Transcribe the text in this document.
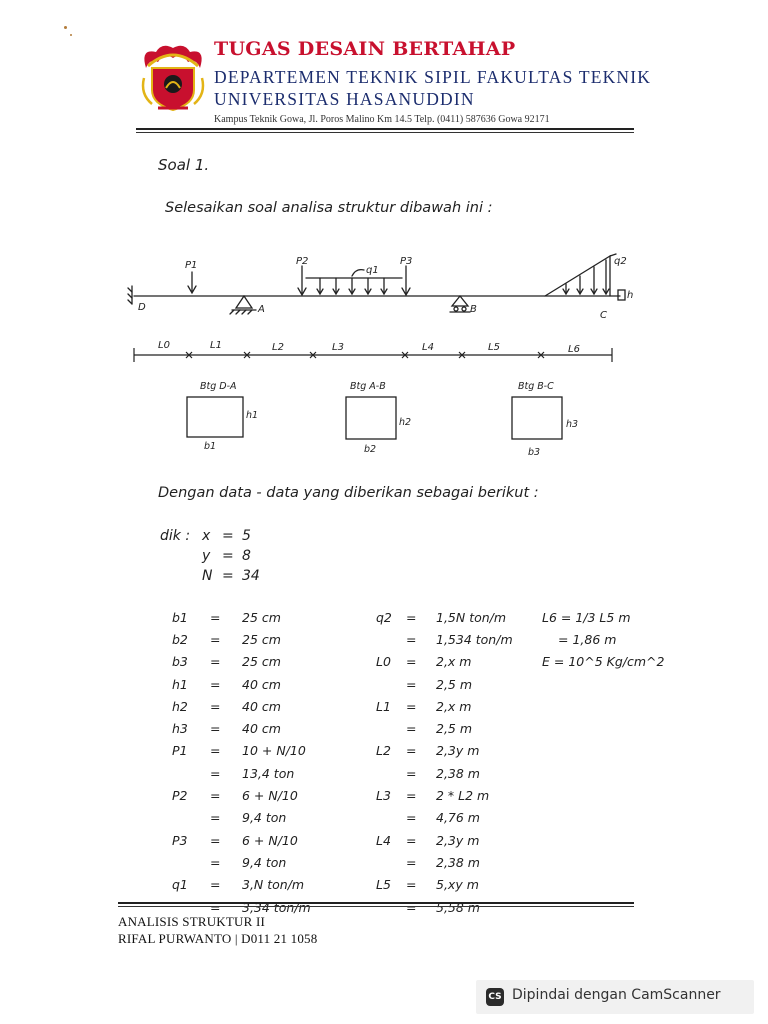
TUGAS DESAIN BERTAHAP
DEPARTEMEN TEKNIK SIPIL FAKULTAS TEKNIK
UNIVERSITAS HASANUDDIN
Kampus Teknik Gowa, Jl. Poros Malino Km 14.5 Telp. (0411) 587636 Gowa 92171
Soal 1.
Selesaikan soal analisa struktur dibawah ini :
P1	P2	P3
q1
q2
D	A	B
C
h
L0	L1	L2	L3	L4	L5	L6
Btg D-A	Btg A-B	Btg B-C
h1
h2	h3
b1	b2	b3
Dengan data - data yang diberikan sebagai berikut :
dik : x = 5
y = 8
N = 34
b1	=	25 cm
b2	=	25 cm
b3	=	25 cm
h1	=	40 cm
h2	=	40 cm
h3	=	40 cm
P1	=	10 + N/10
	=	13,4 ton
P2	=	6 + N/10
	=	9,4 ton
P3	=	6 + N/10
	=	9,4 ton
q1	=	3,N ton/m
	=	3,34 ton/m
q2	=	1,5N ton/m
	=	1,534 ton/m
L0	=	2,x m
	=	2,5 m
L1	=	2,x m
	=	2,5 m
L2	=	2,3y m
	=	2,38 m
L3	=	2 * L2 m
	=	4,76 m
L4	=	2,3y m
	=	2,38 m
L5	=	5,xy m
	=	5,58 m
L6 = 1/3 L5 m
= 1,86 m
E = 10^5 Kg/cm^2
ANALISIS STRUKTUR II
RIFAL PURWANTO | D011 21 1058
CS Dipindai dengan CamScanner
